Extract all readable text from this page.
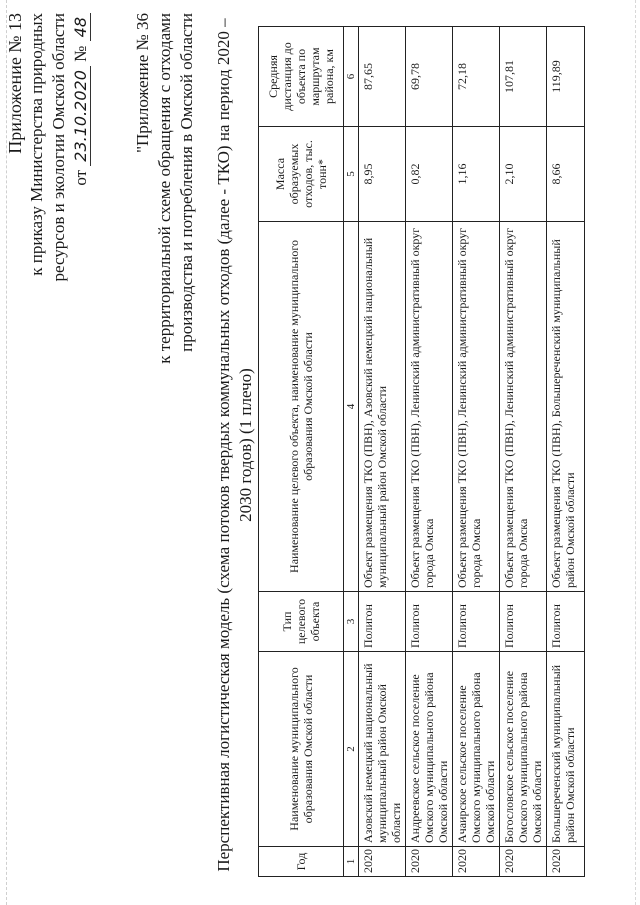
Приложение № 13 к приказу Министерства природных ресурсов и экологии Омской области от 23.10.2020 № 48	"Приложение № 36 к территориальной схеме обращения с отходами производства и потребления в Омской области Перспективная логистическая модель (схема потоков твердых коммунальных отходов (далее - ТКО) на период 2020 – 2030 годов) (1 плечо)
Год	Наименование муниципального образования Омской области	Тип целевого объекта	Наименование целевого объекта, наименование муниципального образования Омской области	Масса образуемых отходов, тыс. тонн*	Средняя дистанция до объекта по маршрутам района, км
1	2	3	4	5	6
2020	Азовский немецкий национальный муниципальный район Омской области	Полигон	Объект размещения ТКО (ПВН), Азовский немецкий национальный муниципальный район Омской области	8,95	87,65
2020	Андреевское сельское поселение Омского муниципального района Омской области	Полигон	Объект размещения ТКО (ПВН), Ленинский административный округ города Омска	0,82	69,78
2020	Ачаирское сельское поселение Омского муниципального района Омской области	Полигон	Объект размещения ТКО (ПВН), Ленинский административный округ города Омска	1,16	72,18
2020	Богословское сельское поселение Омского муниципального района Омской области	Полигон	Объект размещения ТКО (ПВН), Ленинский административный округ города Омска	2,10	107,81
2020	Большереченский муниципальный район Омской области	Полигон	Объект размещения ТКО (ПВН), Большереченский муниципальный район Омской области	8,66	119,89
